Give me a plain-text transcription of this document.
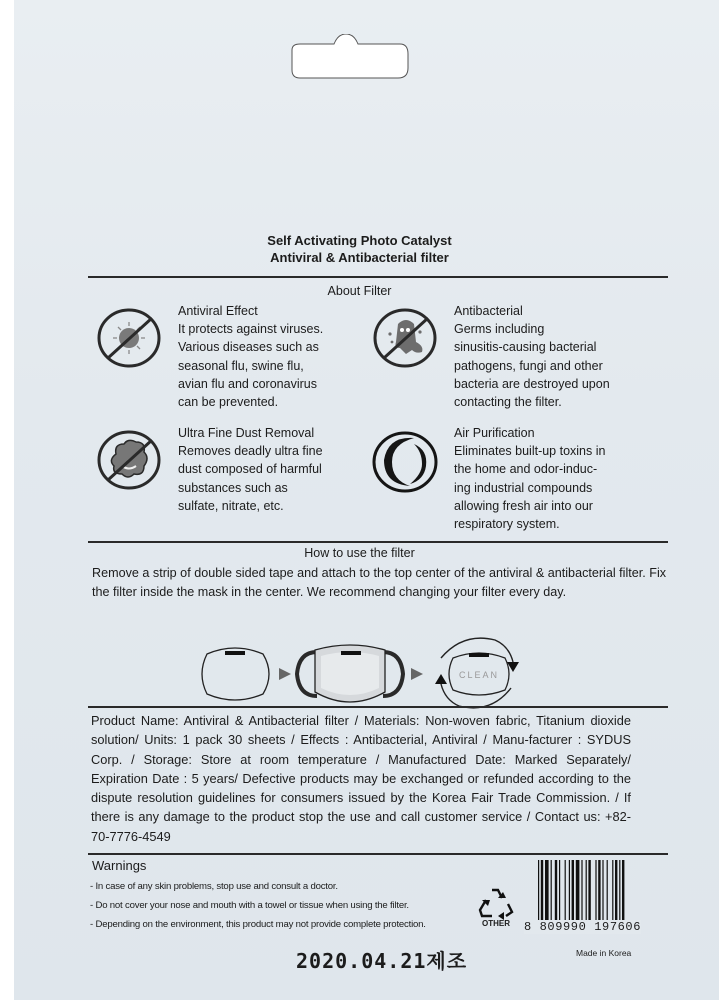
Self Activating Photo Catalyst
Antiviral & Antibacterial filter
About Filter
Antiviral Effect
It protects against viruses.
Various diseases such as
seasonal flu, swine flu,
avian flu and coronavirus
can be prevented.
Antibacterial
Germs including
sinusitis-causing bacterial
pathogens, fungi and other
bacteria are destroyed upon
contacting the filter.
Ultra Fine Dust Removal
Removes deadly ultra fine
dust composed of harmful
substances such as
sulfate, nitrate, etc.
Air Purification
Eliminates built-up toxins in
the home and odor-induc-
ing industrial compounds
allowing fresh air into our
respiratory system.
How to use the filter
Remove a strip of double sided tape and attach to the top center of the antiviral & antibacterial filter. Fix the filter inside the mask in the center. We recommend changing your filter every day.
CLEAN
Product Name: Antiviral & Antibacterial filter / Materials: Non-woven fabric, Titanium dioxide solution/ Units: 1 pack 30 sheets / Effects : Antibacterial, Antiviral / Manu-facturer : SYDUS Corp. / Storage: Store at room temperature / Manufactured Date: Marked Separately/ Expiration Date : 5 years/ Defective products may be exchanged or refunded according to the dispute resolution guidelines for consumers issued by the Korea Fair Trade Commission. / If there is any damage to the product stop the use and call customer service / Contact us: +82-70-7776-4549
Warnings
- In case of any skin problems, stop use and consult a doctor.
- Do not cover your nose and mouth with a towel or tissue when using the filter.
- Depending on the environment, this product may not provide complete protection.	OTHER	8 809990 197606
2020.04.21제조	Made in Korea
